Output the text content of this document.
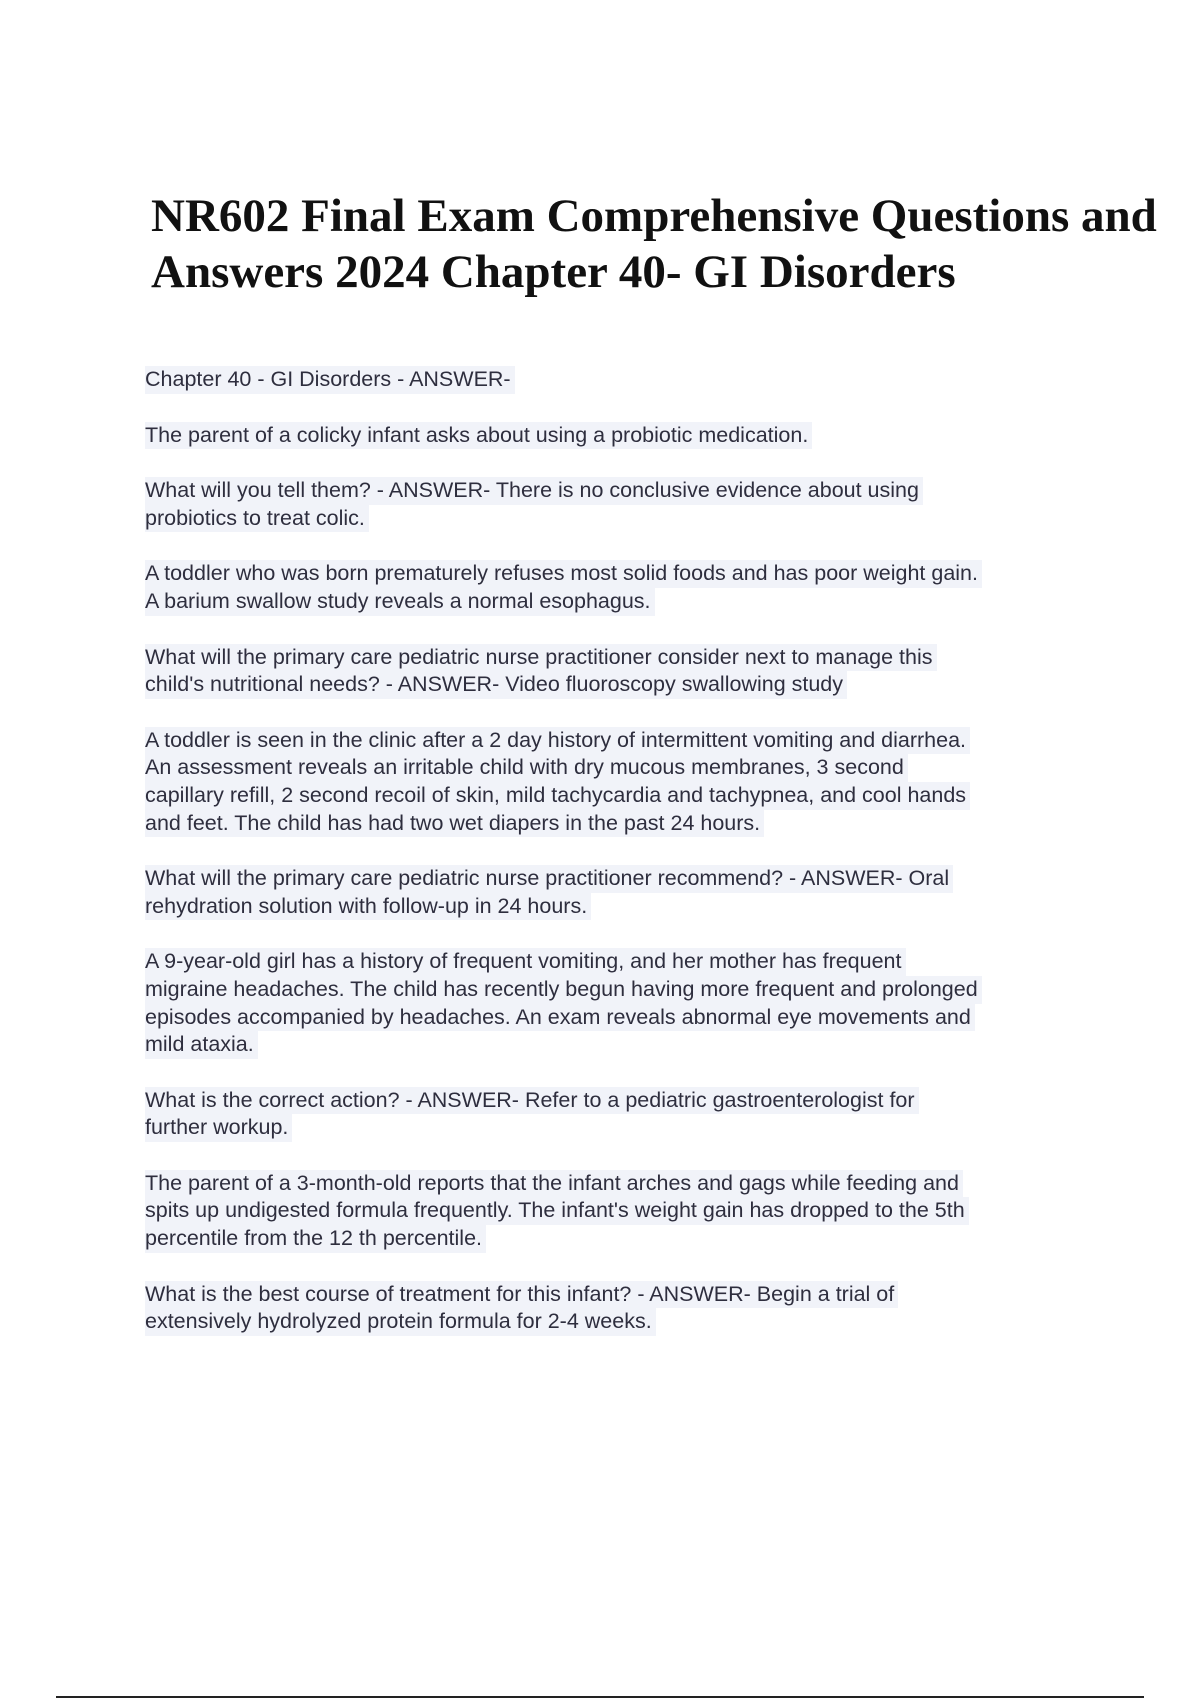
NR602 Final Exam Comprehensive Questions and
Answers 2024 Chapter 40- GI Disorders

Chapter 40 - GI Disorders - ANSWER-

The parent of a colicky infant asks about using a probiotic medication.

What will you tell them? - ANSWER- There is no conclusive evidence about using
probiotics to treat colic.

A toddler who was born prematurely refuses most solid foods and has poor weight gain.
A barium swallow study reveals a normal esophagus.

What will the primary care pediatric nurse practitioner consider next to manage this
child's nutritional needs? - ANSWER- Video fluoroscopy swallowing study

A toddler is seen in the clinic after a 2 day history of intermittent vomiting and diarrhea.
An assessment reveals an irritable child with dry mucous membranes, 3 second
capillary refill, 2 second recoil of skin, mild tachycardia and tachypnea, and cool hands
and feet. The child has had two wet diapers in the past 24 hours.

What will the primary care pediatric nurse practitioner recommend? - ANSWER- Oral
rehydration solution with follow-up in 24 hours.

A 9-year-old girl has a history of frequent vomiting, and her mother has frequent
migraine headaches. The child has recently begun having more frequent and prolonged
episodes accompanied by headaches. An exam reveals abnormal eye movements and
mild ataxia.

What is the correct action? - ANSWER- Refer to a pediatric gastroenterologist for
further workup.

The parent of a 3-month-old reports that the infant arches and gags while feeding and
spits up undigested formula frequently. The infant's weight gain has dropped to the 5th
percentile from the 12 th percentile.

What is the best course of treatment for this infant? - ANSWER- Begin a trial of
extensively hydrolyzed protein formula for 2-4 weeks.
